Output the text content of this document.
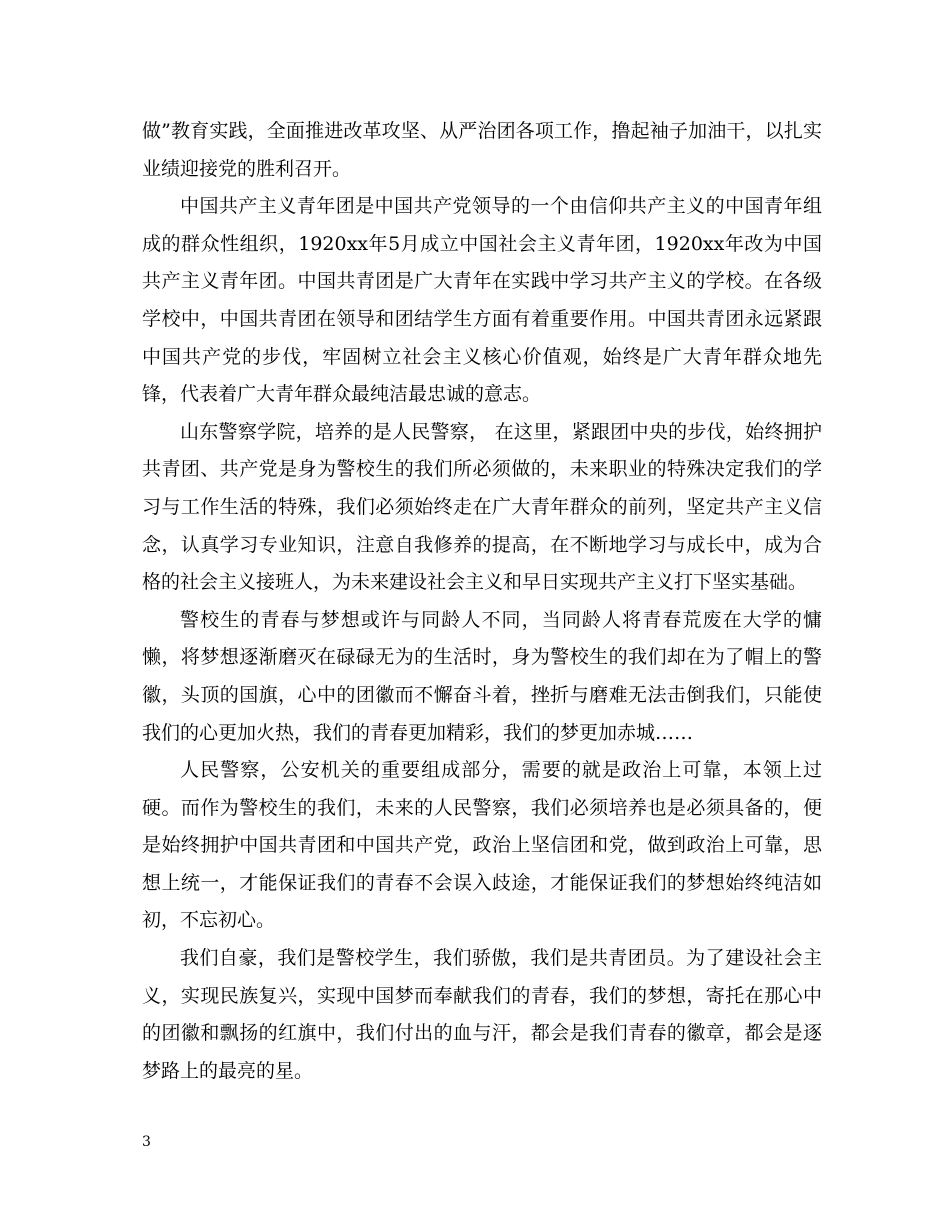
做”教育实践，全面推进改革攻坚、从严治团各项工作，撸起袖子加油干，以扎实业绩迎接党的胜利召开。

中国共产主义青年团是中国共产党领导的一个由信仰共产主义的中国青年组成的群众性组织，1920xx年5月成立中国社会主义青年团，1920xx年改为中国共产主义青年团。中国共青团是广大青年在实践中学习共产主义的学校。在各级学校中，中国共青团在领导和团结学生方面有着重要作用。中国共青团永远紧跟中国共产党的步伐，牢固树立社会主义核心价值观，始终是广大青年群众地先锋，代表着广大青年群众最纯洁最忠诚的意志。

山东警察学院，培养的是人民警察， 在这里，紧跟团中央的步伐，始终拥护共青团、共产党是身为警校生的我们所必须做的，未来职业的特殊决定我们的学习与工作生活的特殊，我们必须始终走在广大青年群众的前列，坚定共产主义信念，认真学习专业知识，注意自我修养的提高，在不断地学习与成长中，成为合格的社会主义接班人，为未来建设社会主义和早日实现共产主义打下坚实基础。

警校生的青春与梦想或许与同龄人不同，当同龄人将青春荒废在大学的慵懒，将梦想逐渐磨灭在碌碌无为的生活时，身为警校生的我们却在为了帽上的警徽，头顶的国旗，心中的团徽而不懈奋斗着，挫折与磨难无法击倒我们，只能使我们的心更加火热，我们的青春更加精彩，我们的梦更加赤城……

人民警察，公安机关的重要组成部分，需要的就是政治上可靠，本领上过硬。而作为警校生的我们，未来的人民警察，我们必须培养也是必须具备的，便是始终拥护中国共青团和中国共产党，政治上坚信团和党，做到政治上可靠，思想上统一，才能保证我们的青春不会误入歧途，才能保证我们的梦想始终纯洁如初，不忘初心。

我们自豪，我们是警校学生，我们骄傲，我们是共青团员。为了建设社会主义，实现民族复兴，实现中国梦而奉献我们的青春，我们的梦想，寄托在那心中的团徽和飘扬的红旗中，我们付出的血与汗，都会是我们青春的徽章，都会是逐梦路上的最亮的星。

3
